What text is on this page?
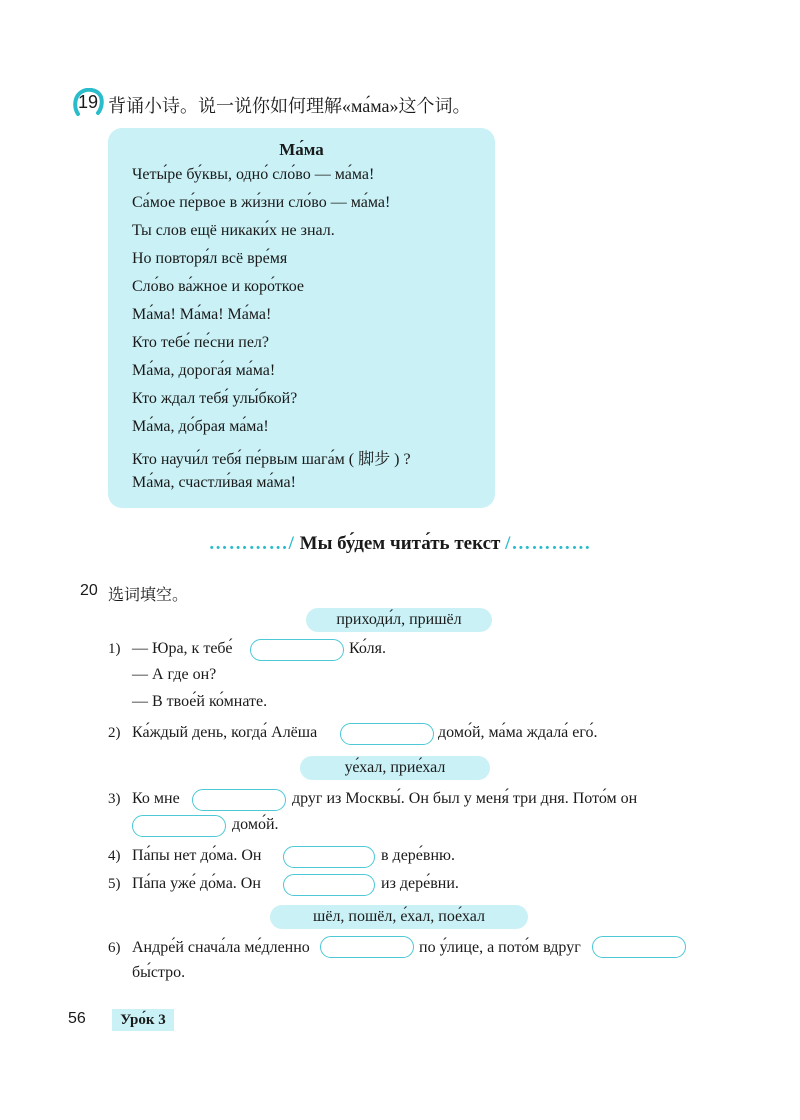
19 背诵小诗。说一说你如何理解«ма́ма»这个词。
Ма́ма
Четы́ре бу́квы, одно́ сло́во — ма́ма!
Са́мое пе́рвое в жи́зни сло́во — ма́ма!
Ты слов ещё никаки́х не знал.
Но повторя́л всё вре́мя
Сло́во ва́жное и коро́ткое
Ма́ма! Ма́ма! Ма́ма!
Кто тебе́ пе́сни пел?
Ма́ма, дорога́я ма́ма!
Кто ждал тебя́ улы́бкой?
Ма́ма, до́брая ма́ма!
Кто научи́л тебя́ пе́рвым шага́м ( 脚步 ) ?
Ма́ма, счастли́вая ма́ма!
…………/ Мы бу́дем чита́ть текст /…………
20 选词填空。
приходи́л, пришёл
1) — Юра, к тебе́	Ко́ля.
— А где он?
— В твое́й ко́мнате.
2) Ка́ждый день, когда́ Алёша	домо́й, ма́ма ждала́ его́.
уе́хал, прие́хал
3) Ко мне	друг из Москвы́. Он был у меня́ три дня. Пото́м он
домо́й.
4) Па́пы нет до́ма. Он	в дере́вню.
5) Па́па уже́ до́ма. Он	из дере́вни.
шёл, пошёл, е́хал, пое́хал
6) Андре́й снача́ла ме́дленно	по у́лице, а пото́м вдруг
бы́стро.
56	Уро́к 3
